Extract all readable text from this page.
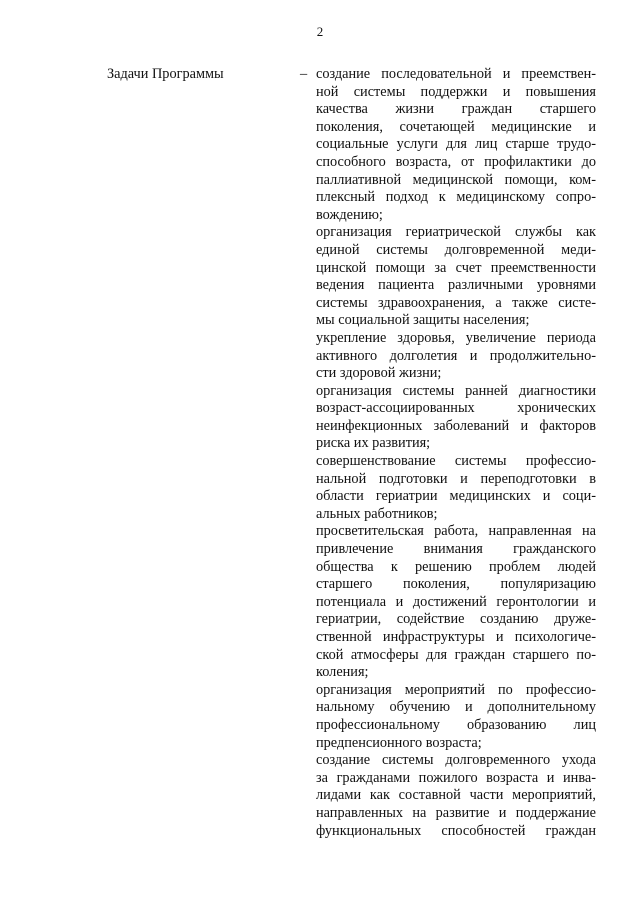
2
Задачи Программы	– создание последовательной и преемствен-
ной системы поддержки и повышения
качества жизни граждан старшего
поколения, сочетающей медицинские и
социальные услуги для лиц старше трудо-
способного возраста, от профилактики до
паллиативной медицинской помощи, ком-
плексный подход к медицинскому сопро-
вождению;
организация гериатрической службы как
единой системы долговременной меди-
цинской помощи за счет преемственности
ведения пациента различными уровнями
системы здравоохранения, а также систе-
мы социальной защиты населения;
укрепление здоровья, увеличение периода
активного долголетия и продолжительно-
сти здоровой жизни;
организация системы ранней диагностики
возраст-ассоциированных хронических
неинфекционных заболеваний и факторов
риска их развития;
совершенствование системы профессио-
нальной подготовки и переподготовки в
области гериатрии медицинских и соци-
альных работников;
просветительская работа, направленная на
привлечение внимания гражданского
общества к решению проблем людей
старшего поколения, популяризацию
потенциала и достижений геронтологии и
гериатрии, содействие созданию друже-
ственной инфраструктуры и психологиче-
ской атмосферы для граждан старшего по-
коления;
организация мероприятий по профессио-
нальному обучению и дополнительному
профессиональному образованию лиц
предпенсионного возраста;
создание системы долговременного ухода
за гражданами пожилого возраста и инва-
лидами как составной части мероприятий,
направленных на развитие и поддержание
функциональных способностей граждан
